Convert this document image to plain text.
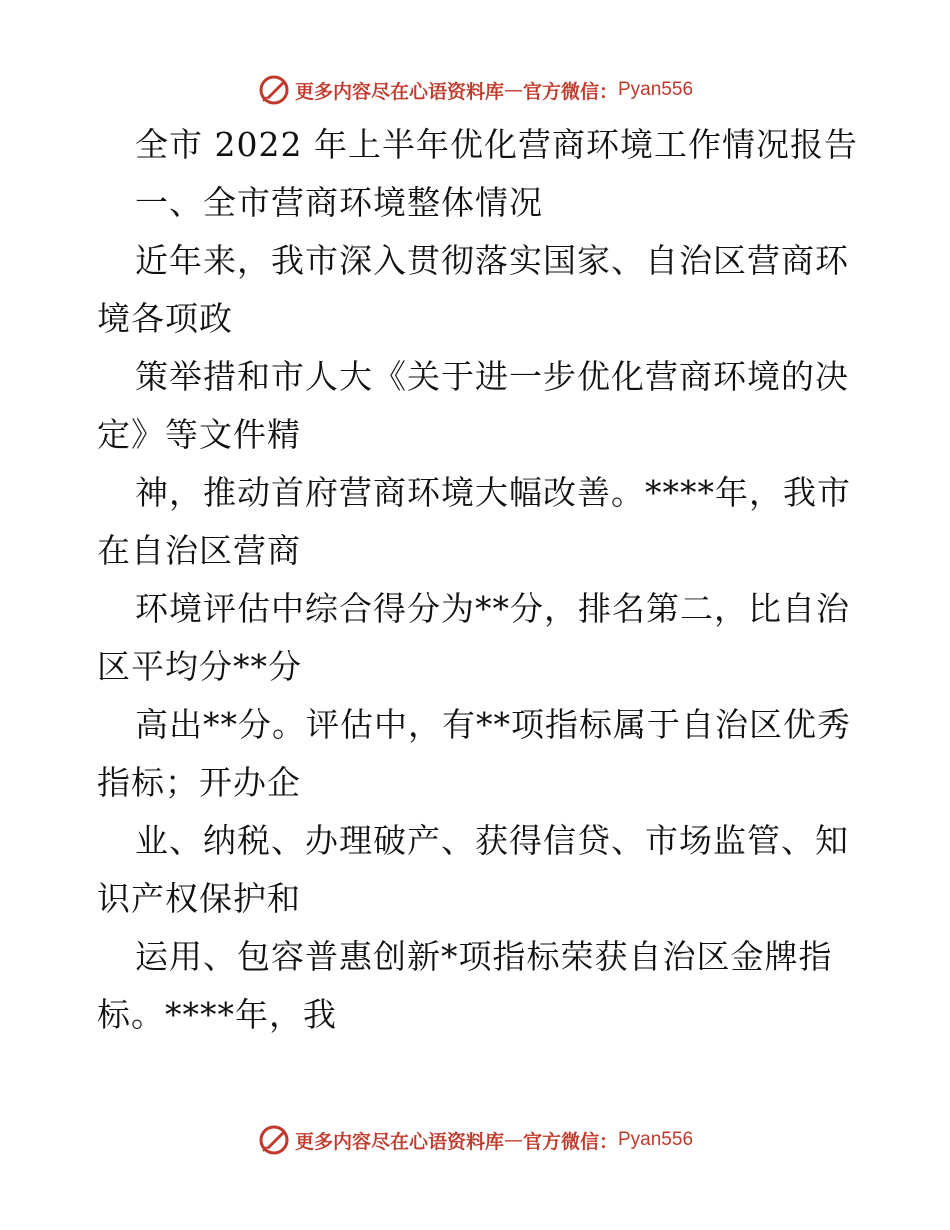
更多内容尽在心语资料库 — 官方微信： Pyan556
全市 2022 年上半年优化营商环境工作情况报告
一、全市营商环境整体情况
近年来，我市深入贯彻落实国家、自治区营商环
境各项政
策举措和市人大《关于进一步优化营商环境的决
定》等文件精
神，推动首府营商环境大幅改善。****年，我市
在自治区营商
环境评估中综合得分为**分，排名第二，比自治
区平均分**分
高出**分。评估中，有**项指标属于自治区优秀
指标；开办企
业、纳税、办理破产、获得信贷、市场监管、知
识产权保护和
运用、包容普惠创新*项指标荣获自治区金牌指
标。****年，我
更多内容尽在心语资料库 — 官方微信： Pyan556
